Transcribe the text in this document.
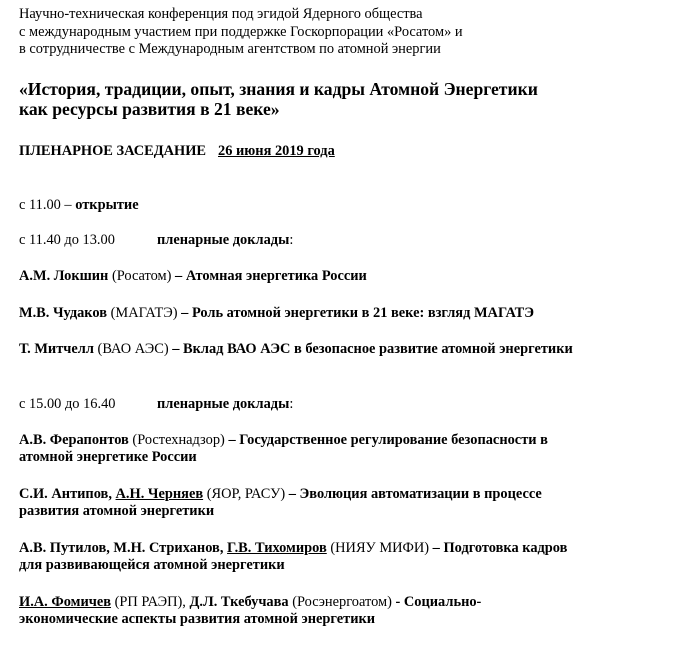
Научно-техническая конференция под эгидой Ядерного общества
с международным участием при поддержке Госкорпорации «Росатом» и
в сотрудничестве с Международным агентством по атомной энергии
«История, традиции, опыт, знания и кадры Атомной Энергетики
как ресурсы развития в 21 веке»
ПЛЕНАРНОЕ ЗАСЕДАНИЕ 26 июня 2019 года
с 11.00 – открытие
с 11.40 до 13.00	пленарные доклады:
А.М. Локшин (Росатом) – Атомная энергетика России
М.В. Чудаков (МАГАТЭ) – Роль атомной энергетики в 21 веке: взгляд МАГАТЭ
Т. Митчелл (ВАО АЭС) – Вклад ВАО АЭС в безопасное развитие атомной энергетики
с 15.00 до 16.40	пленарные доклады:
А.В. Ферапонтов (Ростехнадзор) – Государственное регулирование безопасности в
атомной энергетике России
С.И. Антипов, А.Н. Черняев (ЯОР, РАСУ) – Эволюция автоматизации в процессе
развития атомной энергетики
А.В. Путилов, М.Н. Стриханов, Г.В. Тихомиров (НИЯУ МИФИ) – Подготовка кадров
для развивающейся атомной энергетики
И.А. Фомичев (РП РАЭП), Д.Л. Ткебучава (Росэнергоатом) - Социально-
экономические аспекты развития атомной энергетики
